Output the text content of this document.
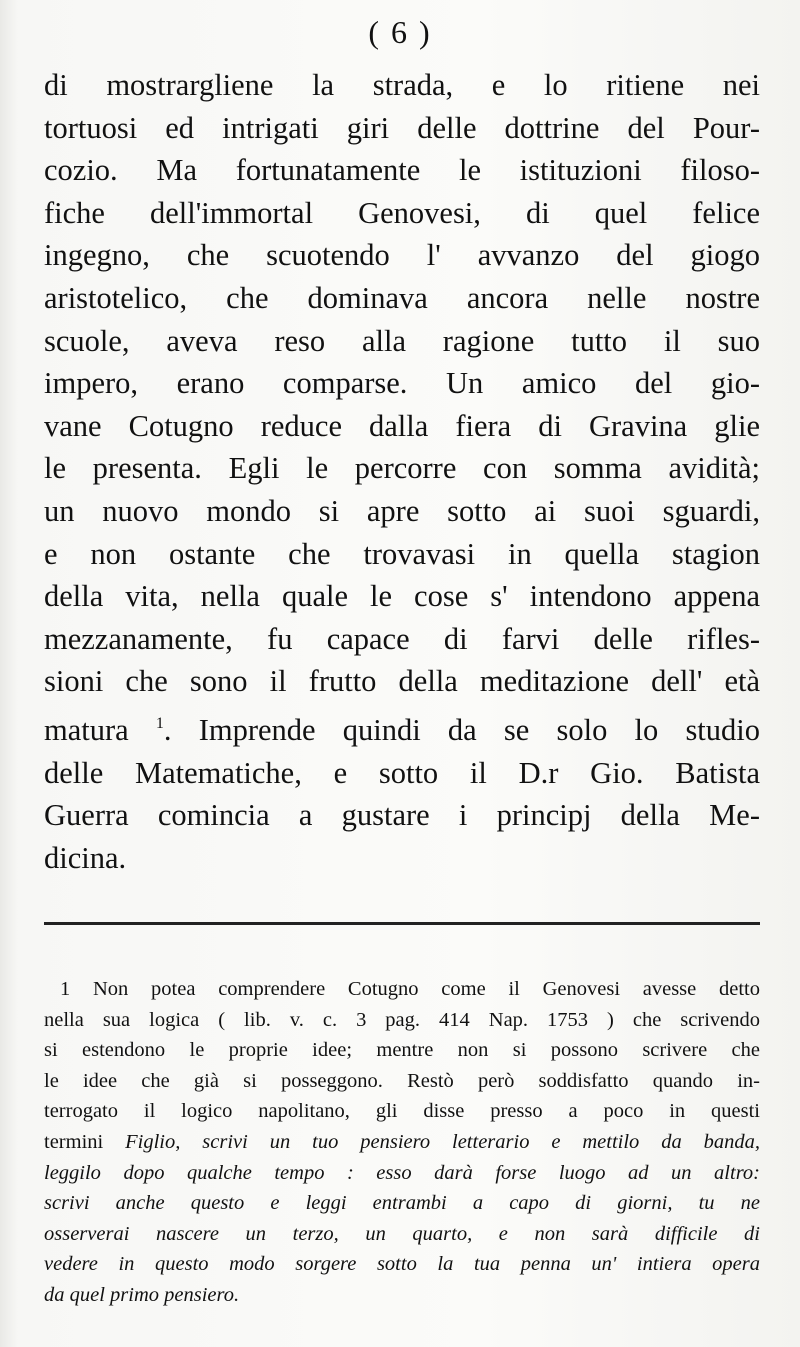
( 6 )
di mostrargliene la strada, e lo ritiene nei
tortuosi ed intrigati giri delle dottrine del Pour-
cozio. Ma fortunatamente le istituzioni filoso-
fiche dell'immortal Genovesi, di quel felice
ingegno, che scuotendo l' avvanzo del giogo
aristotelico, che dominava ancora nelle nostre
scuole, aveva reso alla ragione tutto il suo
impero, erano comparse. Un amico del gio-
vane Cotugno reduce dalla fiera di Gravina glie
le presenta. Egli le percorre con somma avidità;
un nuovo mondo si apre sotto ai suoi sguardi,
e non ostante che trovavasi in quella stagion
della vita, nella quale le cose s' intendono appena
mezzanamente, fu capace di farvi delle rifles-
sioni che sono il frutto della meditazione dell' età
matura $^1$. Imprende quindi da se solo lo studio
delle Matematiche, e sotto il D.r Gio. Batista
Guerra comincia a gustare i principj della Me-
dicina.
1 Non potea comprendere Cotugno come il Genovesi avesse detto
nella sua logica ( lib. v. c. 3 pag. 414 Nap. 1753 ) che scrivendo
si estendono le proprie idee; mentre non si possono scrivere che
le idee che già si posseggono. Restò però soddisfatto quando in-
terrogato il logico napolitano, gli disse presso a poco in questi
termini Figlio, scrivi un tuo pensiero letterario e mettilo da banda,
leggilo dopo qualche tempo : esso darà forse luogo ad un altro:
scrivi anche questo e leggi entrambi a capo di giorni, tu ne
osserverai nascere un terzo, un quarto, e non sarà difficile di
vedere in questo modo sorgere sotto la tua penna un' intiera opera
da quel primo pensiero.
